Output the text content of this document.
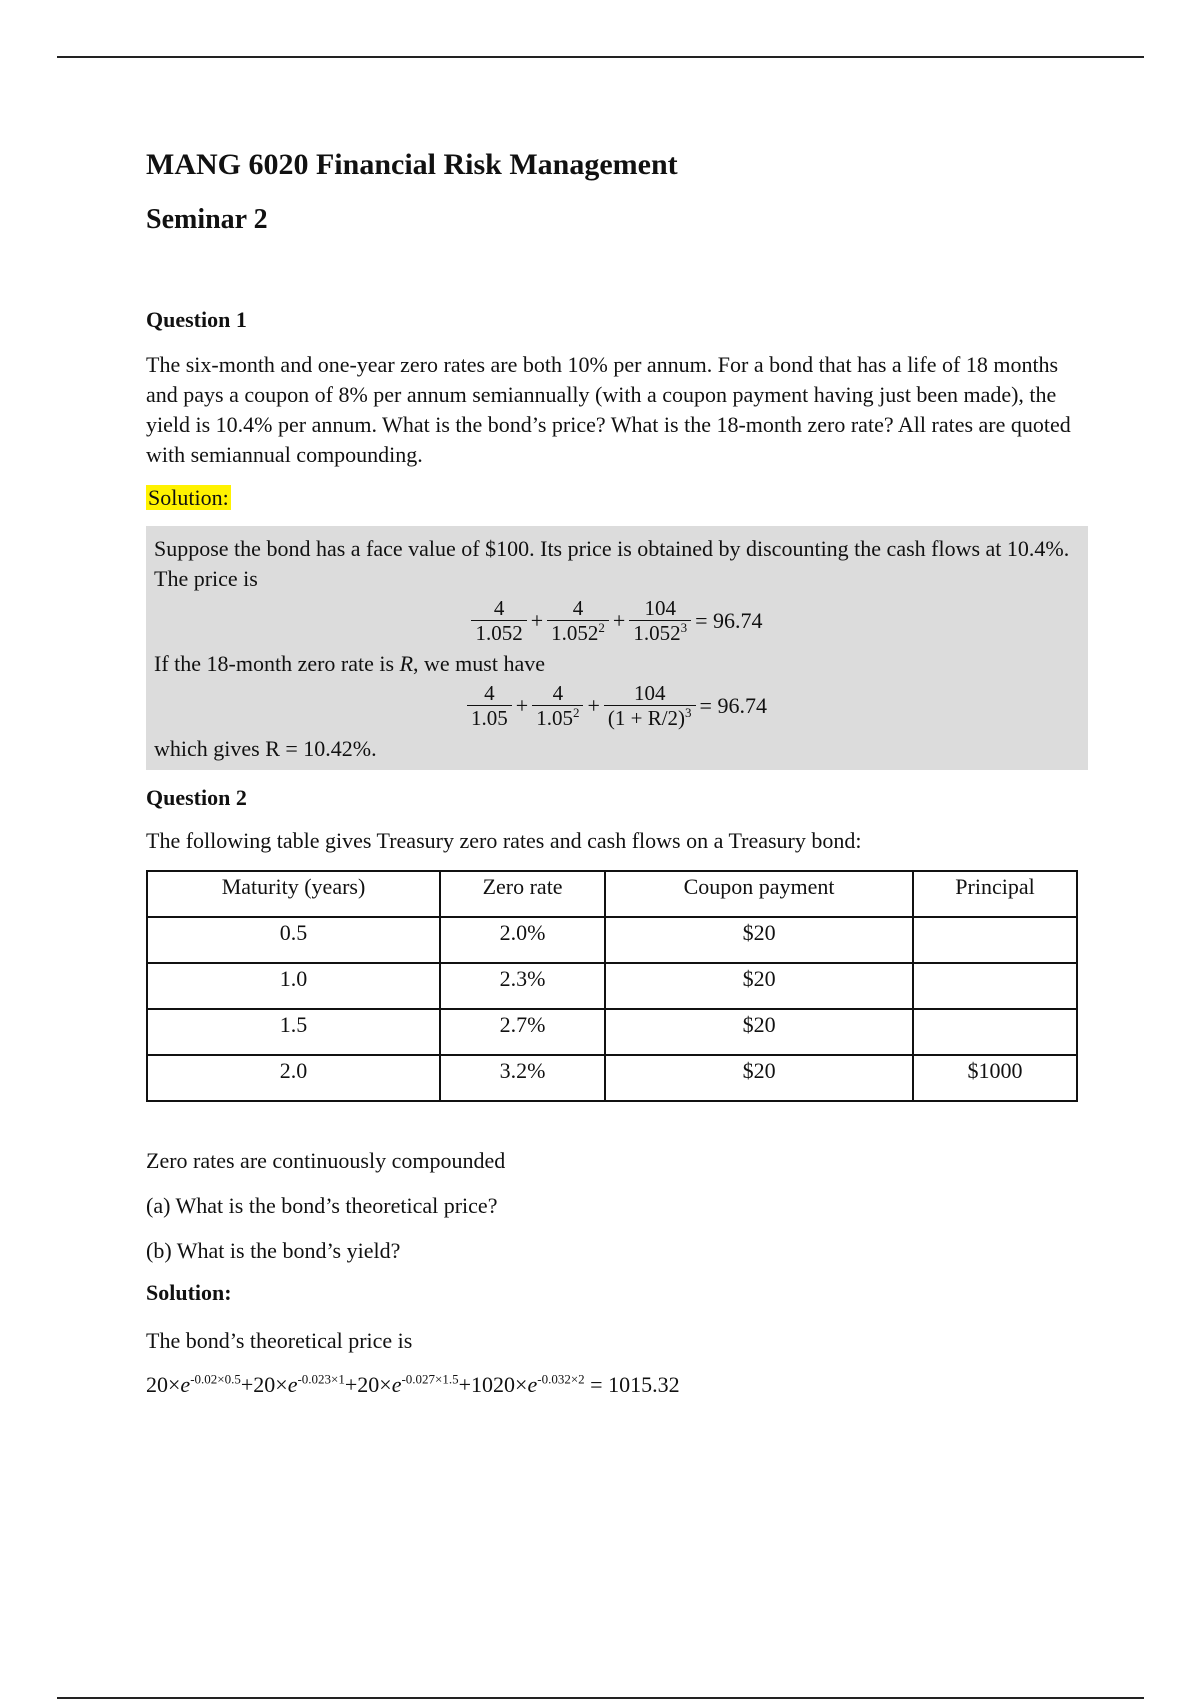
MANG 6020 Financial Risk Management
Seminar 2

Question 1

The six-month and one-year zero rates are both 10% per annum. For a bond that has a life of 18 months and pays a coupon of 8% per annum semiannually (with a coupon payment having just been made), the yield is 10.4% per annum. What is the bond’s price? What is the 18-month zero rate? All rates are quoted with semiannual compounding.

Solution:

Suppose the bond has a face value of $100. Its price is obtained by discounting the cash flows at 10.4%. The price is
$\frac{4}{1.052} + \frac{4}{1.052^2} + \frac{104}{1.052^3} = 96.74$
If the 18-month zero rate is R, we must have
$\frac{4}{1.05} + \frac{4}{1.05^2} + \frac{104}{(1 + R/2)^3} = 96.74$
which gives R = 10.42%.

Question 2

The following table gives Treasury zero rates and cash flows on a Treasury bond:

Maturity (years)	Zero rate	Coupon payment	Principal
0.5	2.0%	$20	
1.0	2.3%	$20	
1.5	2.7%	$20	
2.0	3.2%	$20	$1000

Zero rates are continuously compounded

(a) What is the bond’s theoretical price?

(b) What is the bond’s yield?

Solution:

The bond’s theoretical price is

$20\times e^{-0.02\times 0.5}+20\times e^{-0.023\times 1}+20\times e^{-0.027\times 1.5}+1020\times e^{-0.032\times 2} = 1015.32$
